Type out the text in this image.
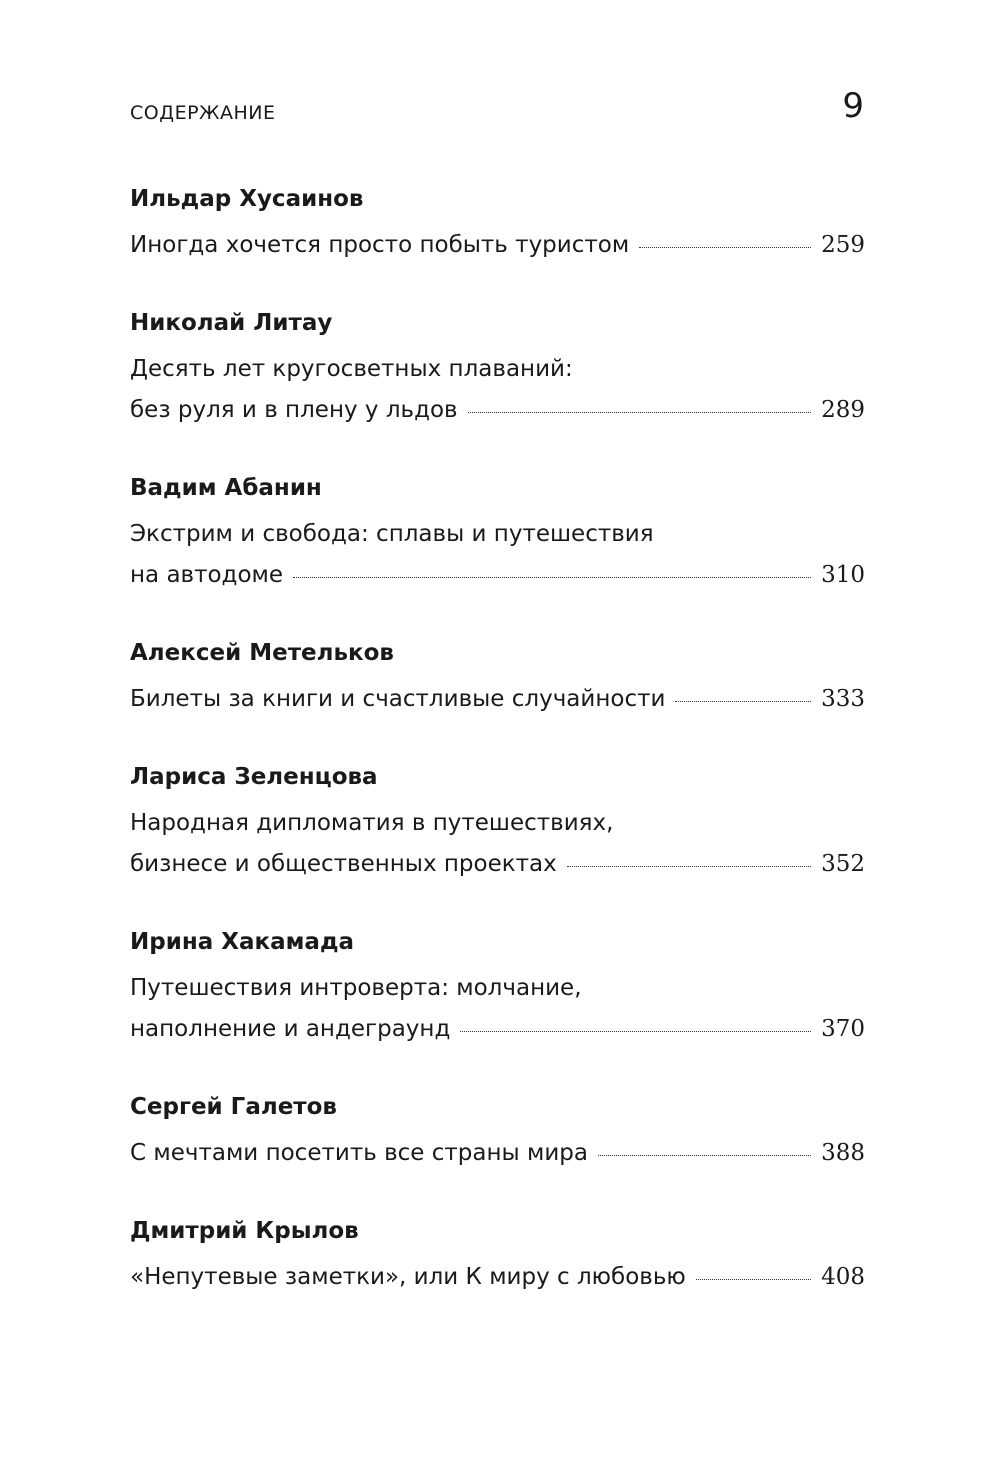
СОДЕРЖАНИЕ	9
Ильдар Хусаинов
Иногда хочется просто побыть туристом	259
Николай Литау
Десять лет кругосветных плаваний:
без руля и в плену у льдов	289
Вадим Абанин
Экстрим и свобода: сплавы и путешествия
на автодоме	310
Алексей Метельков
Билеты за книги и счастливые случайности	333
Лариса Зеленцова
Народная дипломатия в путешествиях,
бизнесе и общественных проектах	352
Ирина Хакамада
Путешествия интроверта: молчание,
наполнение и андеграунд	370
Сергей Галетов
С мечтами посетить все страны мира	388
Дмитрий Крылов
«Непутевые заметки», или К миру с любовью	408
